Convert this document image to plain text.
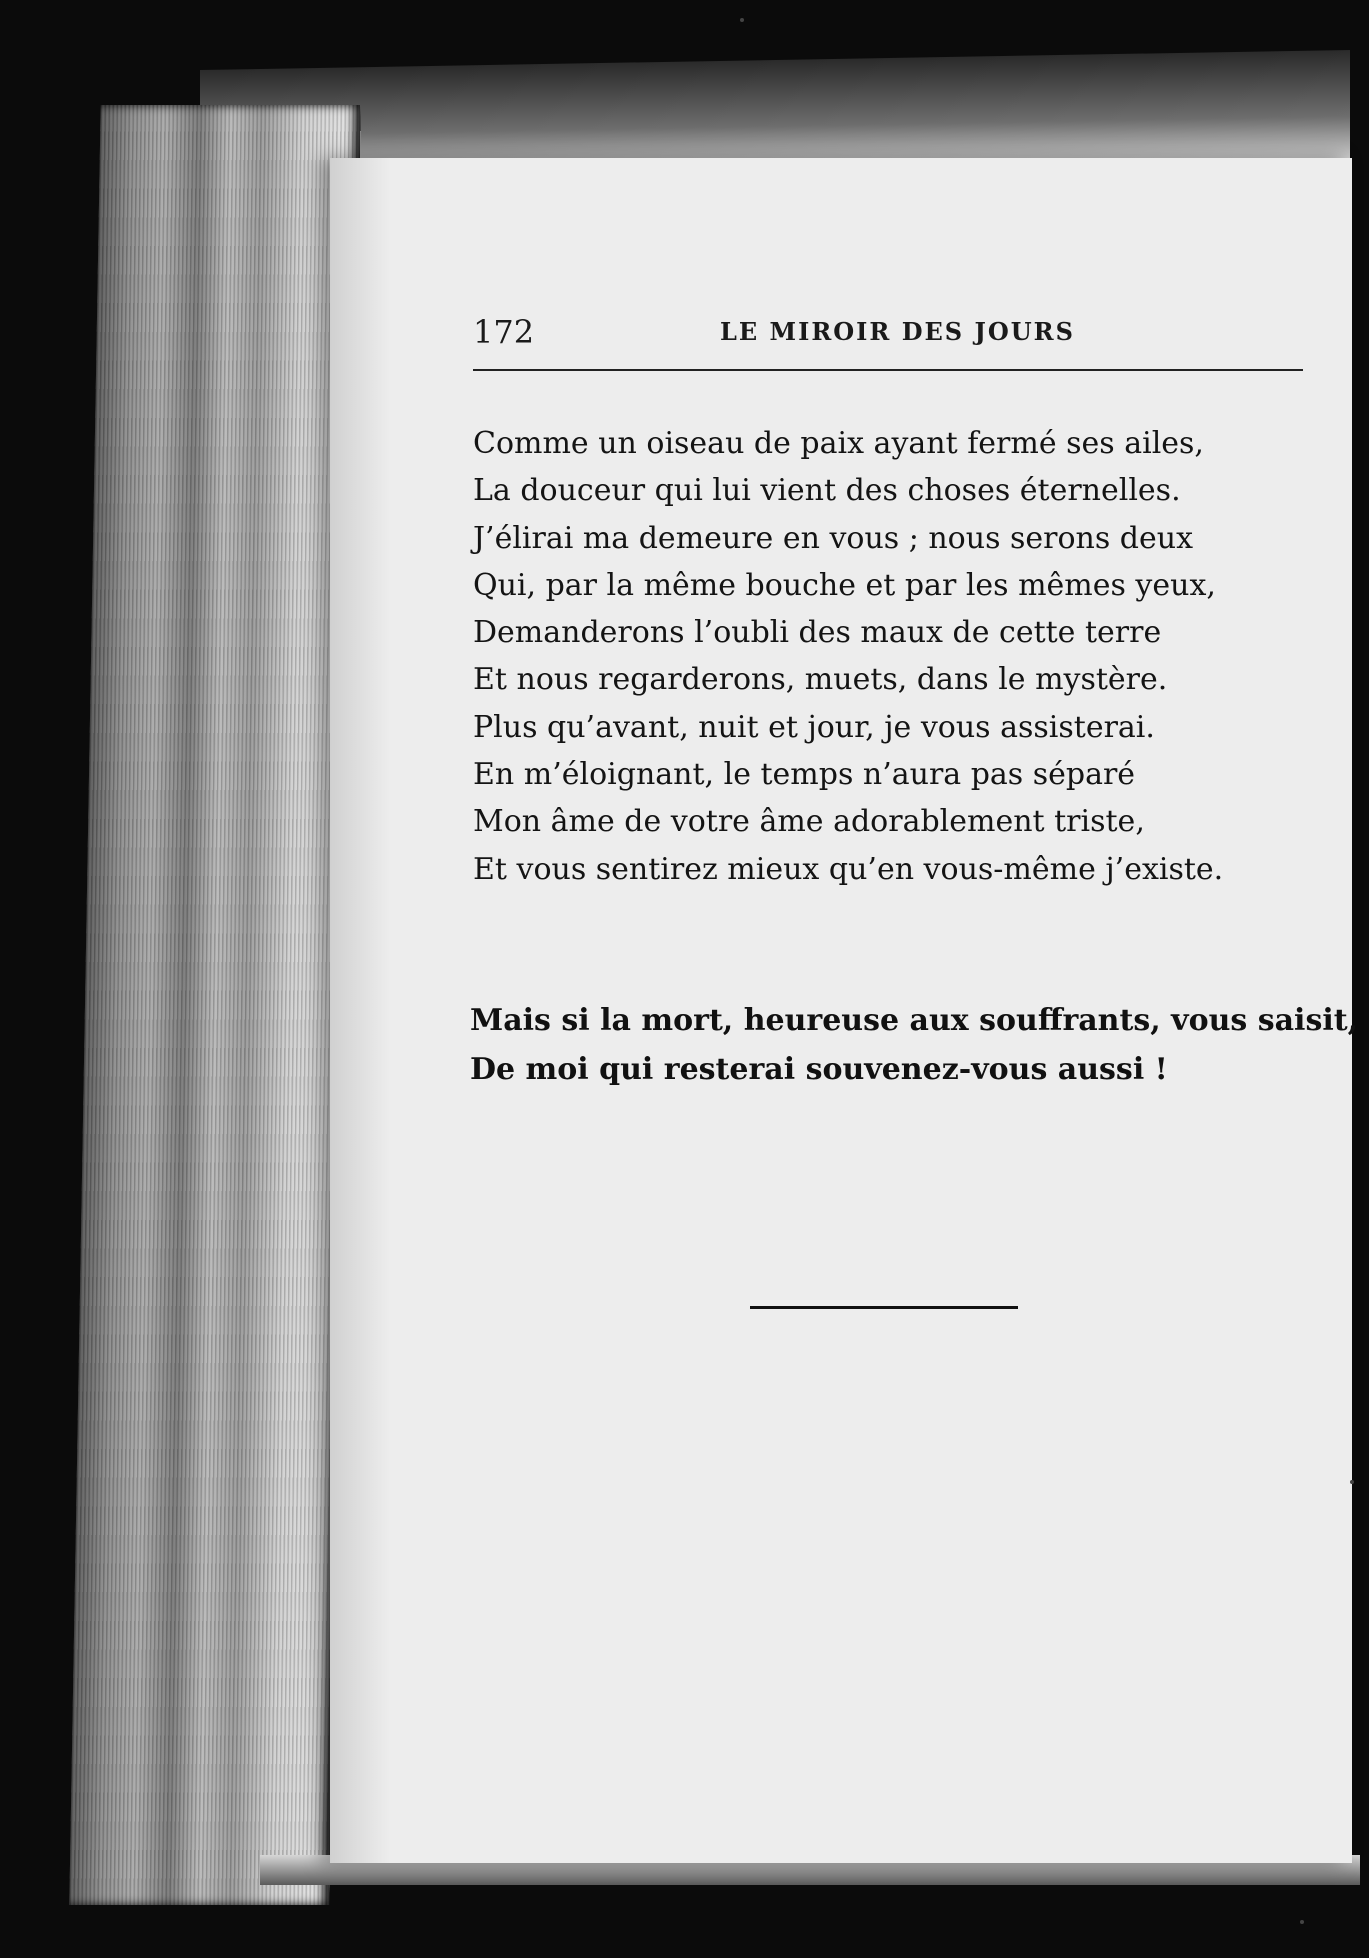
172	LE MIROIR DES JOURS
Comme un oiseau de paix ayant fermé ses ailes,
La douceur qui lui vient des choses éternelles.
J’élirai ma demeure en vous ; nous serons deux
Qui, par la même bouche et par les mêmes yeux,
Demanderons l’oubli des maux de cette terre
Et nous regarderons, muets, dans le mystère.
Plus qu’avant, nuit et jour, je vous assisterai.
En m’éloignant, le temps n’aura pas séparé
Mon âme de votre âme adorablement triste,
Et vous sentirez mieux qu’en vous-même j’existe.
Mais si la mort, heureuse aux souffrants, vous saisit,
De moi qui resterai souvenez-vous aussi !
